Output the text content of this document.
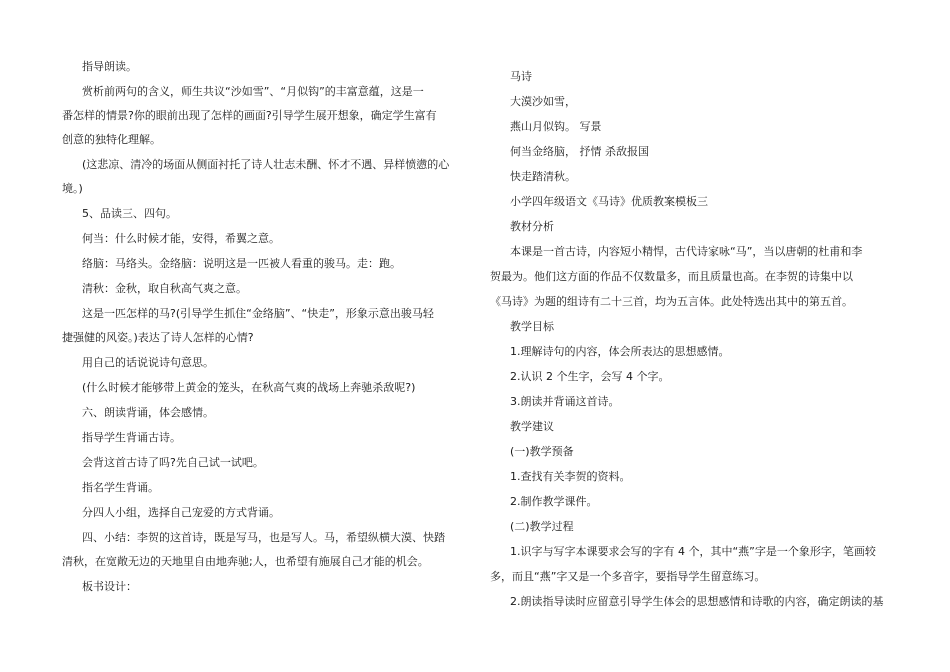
指导朗读。

赏析前两句的含义，师生共议“沙如雪”、“月似钩”的丰富意蕴，这是一

番怎样的情景?你的眼前出现了怎样的画面?引导学生展开想象，确定学生富有

创意的独特化理解。

(这悲凉、清冷的场面从侧面衬托了诗人壮志未酬、怀才不遇、异样愤懑的心

境。)

5、品读三、四句。

何当：什么时候才能，安得，希翼之意。

络脑：马络头。金络脑：说明这是一匹被人看重的骏马。走：跑。

清秋：金秋，取自秋高气爽之意。

这是一匹怎样的马?(引导学生抓住“金络脑”、“快走”，形象示意出骏马轻

捷强健的风姿。)表达了诗人怎样的心情?

用自己的话说说诗句意思。

(什么时候才能够带上黄金的笼头，在秋高气爽的战场上奔驰杀敌呢?)

六、朗读背诵，体会感情。

指导学生背诵古诗。

会背这首古诗了吗?先自己试一试吧。

指名学生背诵。

分四人小组，选择自己宠爱的方式背诵。

四、小结：李贺的这首诗，既是写马，也是写人。马，希望纵横大漠、快踏

清秋，在宽敞无边的天地里自由地奔驰;人，也希望有施展自己才能的机会。

板书设计：

马诗

大漠沙如雪，

燕山月似钩。 写景

何当金络脑， 抒情 杀敌报国

快走踏清秋。

小学四年级语文《马诗》优质教案模板三

教材分析

本课是一首古诗，内容短小精悍，古代诗家咏“马”，当以唐朝的杜甫和李

贺最为。他们这方面的作品不仅数量多，而且质量也高。在李贺的诗集中以

《马诗》为题的组诗有二十三首，均为五言体。此处特选出其中的第五首。

教学目标

1.理解诗句的内容，体会所表达的思想感情。

2.认识 2 个生字，会写 4 个字。

3.朗读并背诵这首诗。

教学建议

(一)教学预备

1.查找有关李贺的资料。

2.制作教学课件。

(二)教学过程

1.识字与写字本课要求会写的字有 4 个，其中“燕”字是一个象形字，笔画较

多，而且“燕”字又是一个多音字，要指导学生留意练习。

2.朗读指导读时应留意引导学生体会的思想感情和诗歌的内容，确定朗读的基
